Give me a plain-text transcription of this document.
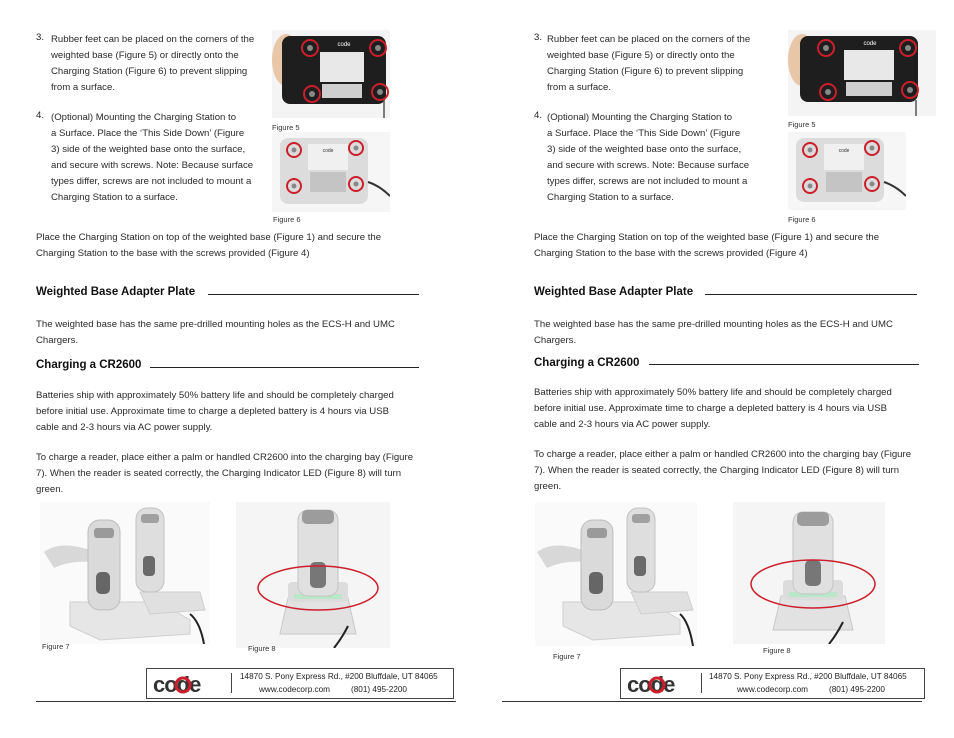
3. Rubber feet can be placed on the corners of the
weighted base (Figure 5) or directly onto the
Charging Station (Figure 6) to prevent slipping
from a surface.
4. (Optional) Mounting the Charging Station to
a Surface. Place the ‘This Side Down’ (Figure
3) side of the weighted base onto the surface,
and secure with screws. Note: Because surface
types differ, screws are not included to mount a
Charging Station to a surface.
code
Figure 5
code
Figure 6
Place the Charging Station on top of the weighted base (Figure 1) and secure the
Charging Station to the base with the screws provided (Figure 4)
Weighted Base Adapter Plate
The weighted base has the same pre-drilled mounting holes as the ECS-H and UMC
Chargers.
Charging a CR2600
Batteries ship with approximately 50% battery life and should be completely charged
before initial use. Approximate time to charge a depleted battery is 4 hours via USB
cable and 2-3 hours via AC power supply.
To charge a reader, place either a palm or handled CR2600 into the charging bay (Figure
7). When the reader is seated correctly, the Charging Indicator LED (Figure 8) will turn
green.
Figure 7	Figure 8
code	14870 S. Pony Express Rd., #200 Bluffdale, UT 84065
www.codecorp.com	(801) 495-2200
3. Rubber feet can be placed on the corners of the
weighted base (Figure 5) or directly onto the
Charging Station (Figure 6) to prevent slipping
from a surface.
4. (Optional) Mounting the Charging Station to
a Surface. Place the ‘This Side Down’ (Figure
3) side of the weighted base onto the surface,
and secure with screws. Note: Because surface
types differ, screws are not included to mount a
Charging Station to a surface.
code
Figure 5
code
Figure 6
Place the Charging Station on top of the weighted base (Figure 1) and secure the
Charging Station to the base with the screws provided (Figure 4)
Weighted Base Adapter Plate
The weighted base has the same pre-drilled mounting holes as the ECS-H and UMC
Chargers.
Charging a CR2600
Batteries ship with approximately 50% battery life and should be completely charged
before initial use. Approximate time to charge a depleted battery is 4 hours via USB
cable and 2-3 hours via AC power supply.
To charge a reader, place either a palm or handled CR2600 into the charging bay (Figure
7). When the reader is seated correctly, the Charging Indicator LED (Figure 8) will turn
green.
Figure 7
Figure 8
code	14870 S. Pony Express Rd., #200 Bluffdale, UT 84065
www.codecorp.com	(801) 495-2200
